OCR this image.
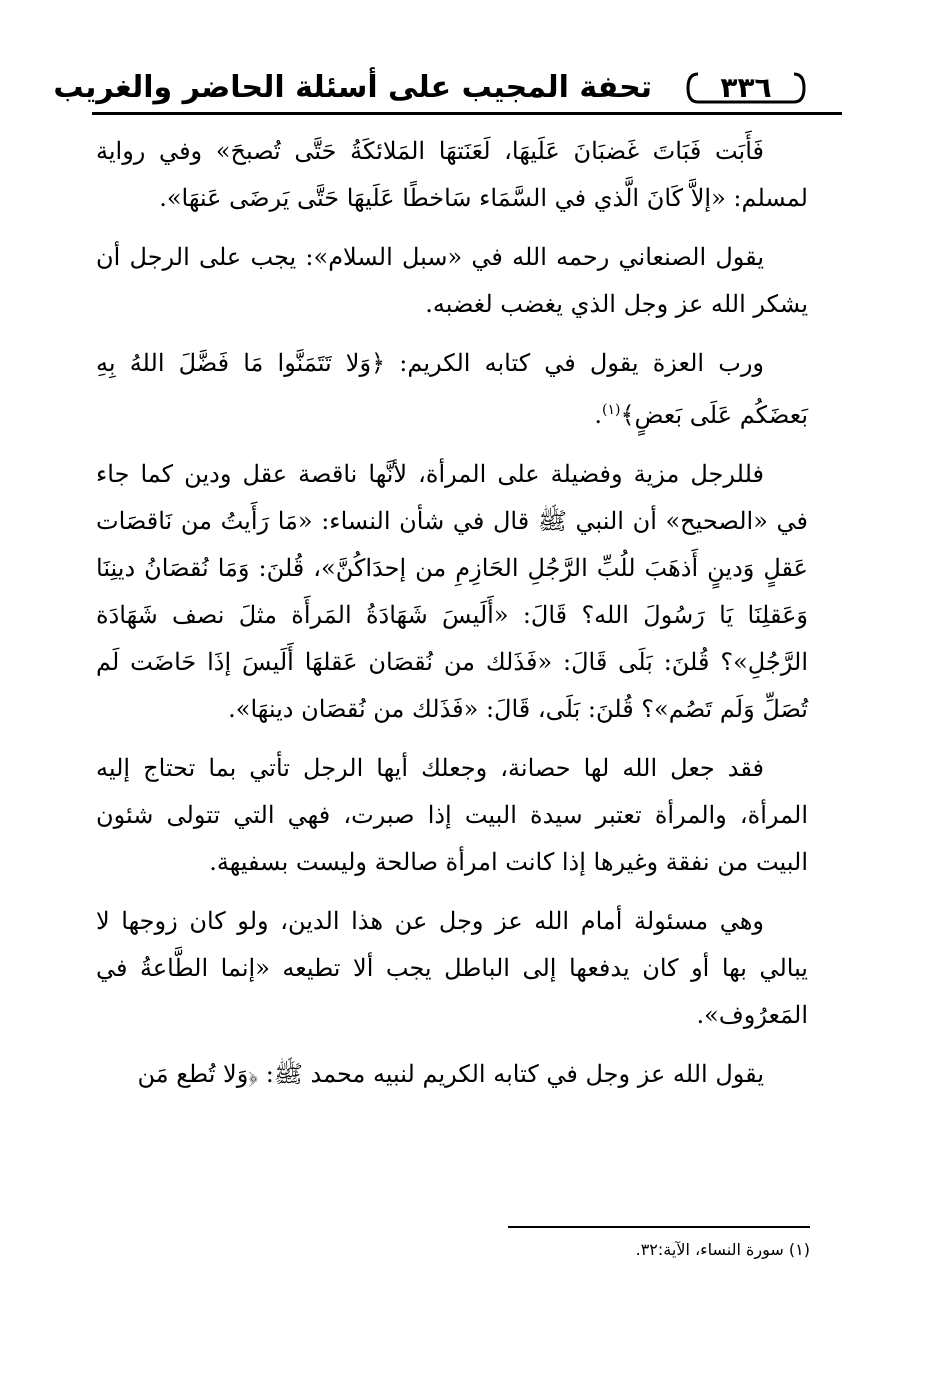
تحفة المجيب على أسئلة الحاضر والغريب	٣٣٦

فَأَبَت فَبَاتَ غَضبَانَ عَلَيهَا، لَعَنَتهَا المَلائكَةُ حَتَّى تُصبحَ» وفي رواية لمسلم: «إلاَّ كَانَ الَّذي في السَّمَاء سَاخطًا عَلَيهَا حَتَّى يَرضَى عَنهَا».

يقول الصنعاني رحمه الله في «سبل السلام»: يجب على الرجل أن يشكر الله عز وجل الذي يغضب لغضبه.

ورب العزة يقول في كتابه الكريم: ﴿وَلا تَتَمَنَّوا مَا فَضَّلَ اللهُ بِهِ بَعضَكُم عَلَى بَعضٍ﴾$^{(١)}$.

فللرجل مزية وفضيلة على المرأة، لأنَّها ناقصة عقل ودين كما جاء في «الصحيح» أن النبي ﷺ قال في شأن النساء: «مَا رَأَيتُ من نَاقصَات عَقلٍ وَدينٍ أَذهَبَ للُبِّ الرَّجُلِ الحَازِمِ من إحدَاكُنَّ»، قُلنَ: وَمَا نُقصَانُ دينِنَا وَعَقلِنَا يَا رَسُولَ الله؟ قَالَ: «أَلَيسَ شَهَادَةُ المَرأَة مثلَ نصف شَهَادَة الرَّجُلِ»؟ قُلنَ: بَلَى قَالَ: «فَذَلك من نُقصَان عَقلهَا أَلَيسَ إذَا حَاضَت لَم تُصَلِّ وَلَم تَصُم»؟ قُلنَ: بَلَى، قَالَ: «فَذَلك من نُقصَان دينهَا».

فقد جعل الله لها حصانة، وجعلك أيها الرجل تأتي بما تحتاج إليه المرأة، والمرأة تعتبر سيدة البيت إذا صبرت، فهي التي تتولى شئون البيت من نفقة وغيرها إذا كانت امرأة صالحة وليست بسفيهة.

وهي مسئولة أمام الله عز وجل عن هذا الدين، ولو كان زوجها لا يبالي بها أو كان يدفعها إلى الباطل يجب ألا تطيعه «إنما الطَّاعةُ في المَعرُوف».

يقول الله عز وجل في كتابه الكريم لنبيه محمد ﷺ: ﴿وَلا تُطع مَن

(١) سورة النساء، الآية:٣٢.
